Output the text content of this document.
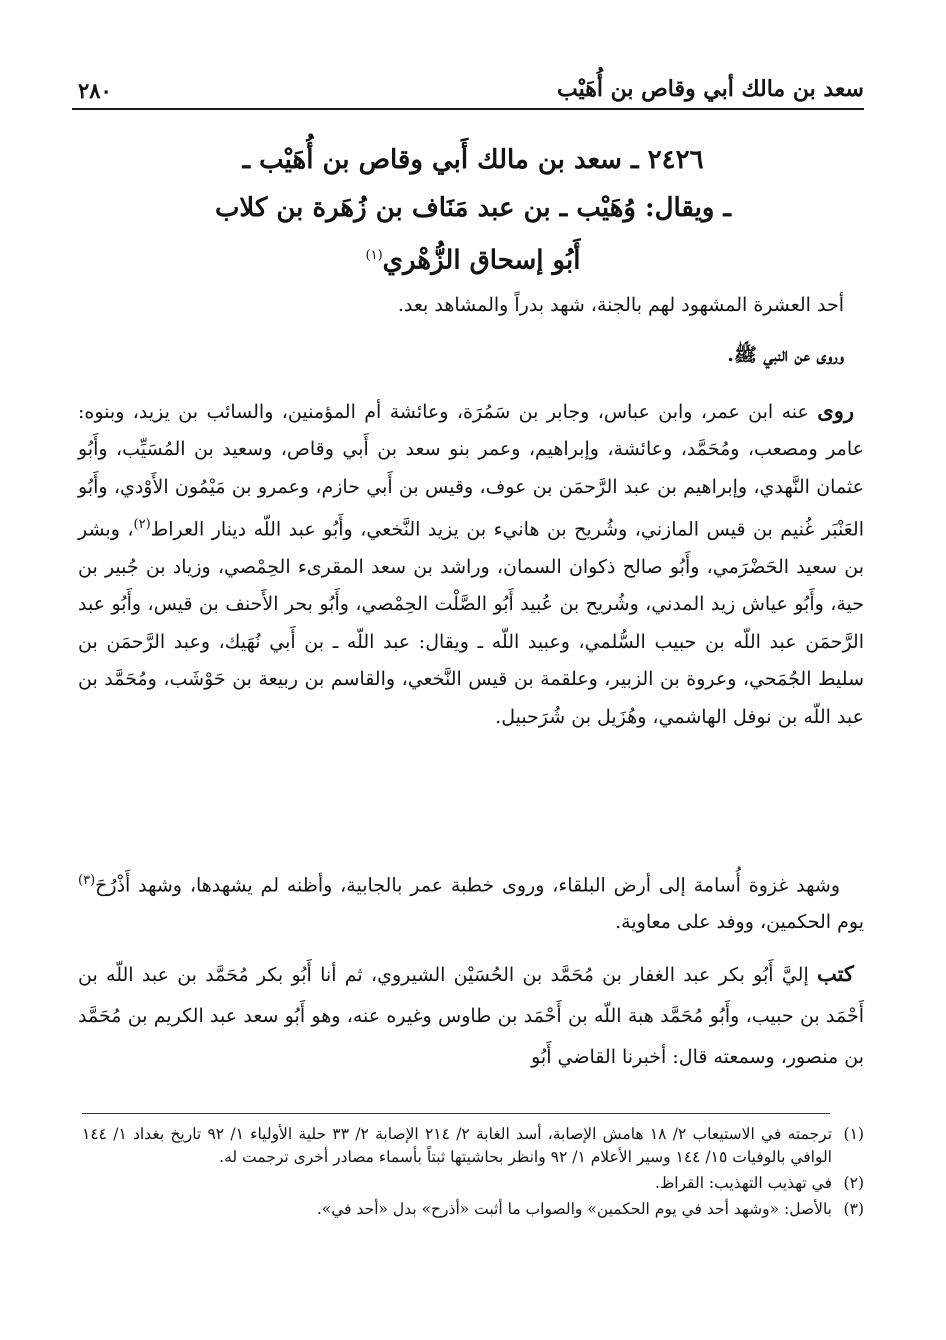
سعد بن مالك أبي وقاص بن أُهَيْب
٢٨٠
٢٤٢٦ ـ سعد بن مالك أَبي وقاص بن أُهَيْب ـ
ـ ويقال: وُهَيْب ـ بن عبد مَنَاف بن زُهَرة بن كلاب
أَبُو إسحاق الزُّهْري$^{(١)}$

أحد العشرة المشهود لهم بالجنة، شهد بدراً والمشاهد بعد.

وروى عن النبي ﷺ.

روى عنه ابن عمر، وابن عباس، وجابر بن سَمُرَة، وعائشة أم المؤمنين، والسائب بن يزيد، وبنوه: عامر ومصعب، ومُحَمَّد، وعائشة، وإبراهيم، وعمر بنو سعد بن أَبي وقاص، وسعيد بن المُسَيِّب، وأَبُو عثمان النَّهدي، وإبراهيم بن عبد الرَّحمَن بن عوف، وقيس بن أَبي حازم، وعمرو بن مَيْمُون الأَوْدي، وأَبُو العَنْبَر غُنيم بن قيس المازني، وشُريح بن هانيء بن يزيد النَّخعي، وأَبُو عبد اللّه دينار العراط$^{(٢)}$، وبشر بن سعيد الحَضْرَمي، وأَبُو صالح ذكوان السمان، وراشد بن سعد المقرىء الحِمْصي، وزياد بن جُبير بن حية، وأَبُو عياش زيد المدني، وشُريح بن عُبيد أَبُو الصَّلْت الحِمْصي، وأَبُو بحر الأَحنف بن قيس، وأَبُو عبد الرَّحمَن عبد اللّه بن حبيب السُّلمي، وعبيد اللّه ـ ويقال: عبد اللّه ـ بن أَبي نُهَيك، وعبد الرَّحمَن بن سليط الجُمَحي، وعروة بن الزبير، وعلقمة بن قيس النَّخعي، والقاسم بن ربيعة بن حَوْشَب، ومُحَمَّد بن عبد اللّه بن نوفل الهاشمي، وهُزَيل بن شُرَحبيل.

وشهد غزوة أُسامة إلى أرض البلقاء، وروى خطبة عمر بالجابية، وأظنه لم يشهدها، وشهد أَذْرُحَ$^{(٣)}$ يوم الحكمين، ووفد على معاوية.

كتب إليَّ أَبُو بكر عبد الغفار بن مُحَمَّد بن الحُسَيْن الشيروي، ثم أنا أَبُو بكر مُحَمَّد بن عبد اللّه بن أَحْمَد بن حبيب، وأَبُو مُحَمَّد هبة اللّه بن أَحْمَد بن طاوس وغيره عنه، وهو أَبُو سعد عبد الكريم بن مُحَمَّد بن منصور، وسمعته قال: أخبرنا القاضي أَبُو

(١)
ترجمته في الاستيعاب ٢/ ١٨ هامش الإصابة، أسد الغابة ٢/ ٢١٤ الإصابة ٢/ ٣٣ حلية الأولياء ١/ ٩٢ تاريخ بغداد ١/ ١٤٤ الوافي بالوفيات ١٥/ ١٤٤ وسير الأعلام ١/ ٩٢ وانظر بحاشيتها ثبتاً بأسماء مصادر أخرى ترجمت له.
(٢)
في تهذيب التهذيب: القراظ.
(٣)
بالأصل: «وشهد أحد في يوم الحكمين» والصواب ما أثبت «أذرح» بدل «أحد في».
